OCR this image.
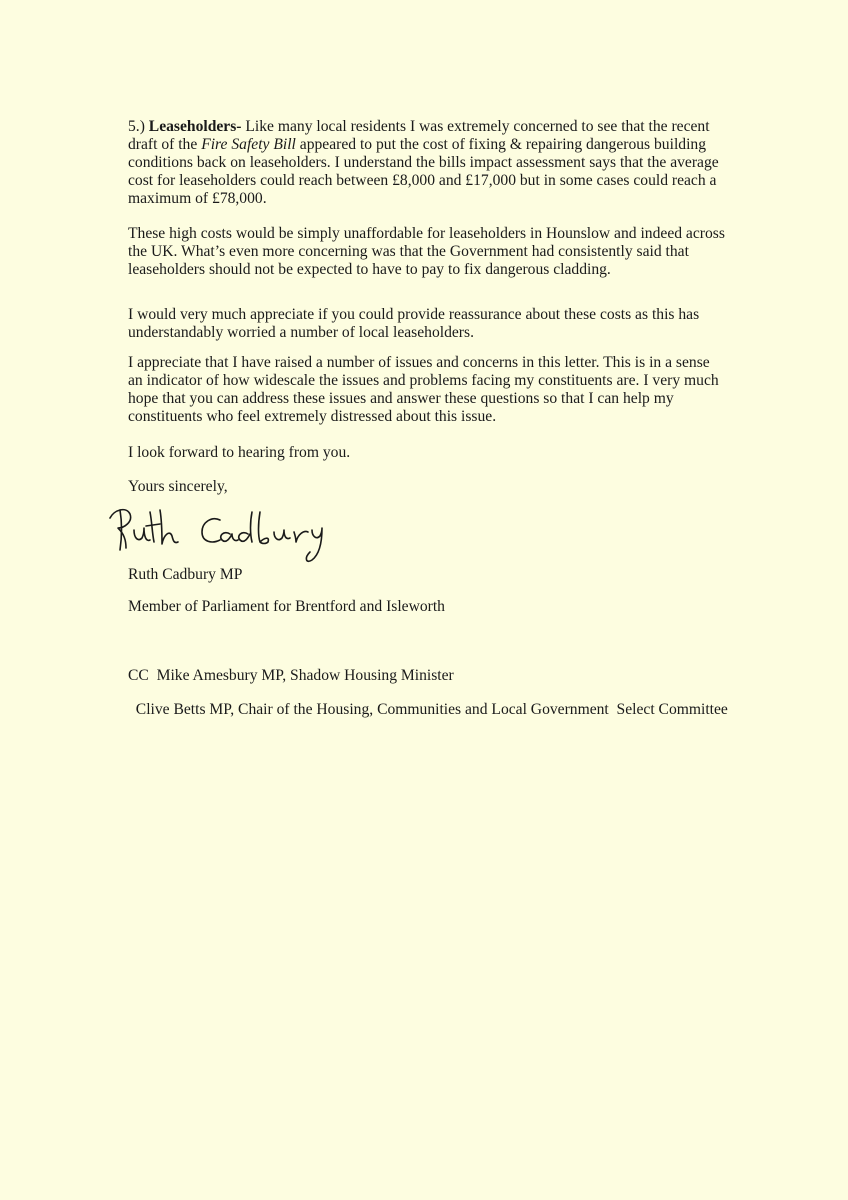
5.) Leaseholders- Like many local residents I was extremely concerned to see that the recent draft of the Fire Safety Bill appeared to put the cost of fixing & repairing dangerous building conditions back on leaseholders. I understand the bills impact assessment says that the average cost for leaseholders could reach between £8,000 and £17,000 but in some cases could reach a maximum of £78,000.

These high costs would be simply unaffordable for leaseholders in Hounslow and indeed across the UK. What’s even more concerning was that the Government had consistently said that leaseholders should not be expected to have to pay to fix dangerous cladding.

I would very much appreciate if you could provide reassurance about these costs as this has understandably worried a number of local leaseholders.

I appreciate that I have raised a number of issues and concerns in this letter. This is in a sense an indicator of how widescale the issues and problems facing my constituents are. I very much hope that you can address these issues and answer these questions so that I can help my constituents who feel extremely distressed about this issue.

I look forward to hearing from you.

Yours sincerely,

Ruth Cadbury MP

Member of Parliament for Brentford and Isleworth

CC  Mike Amesbury MP, Shadow Housing Minister

Clive Betts MP, Chair of the Housing, Communities and Local Government  Select Committee
